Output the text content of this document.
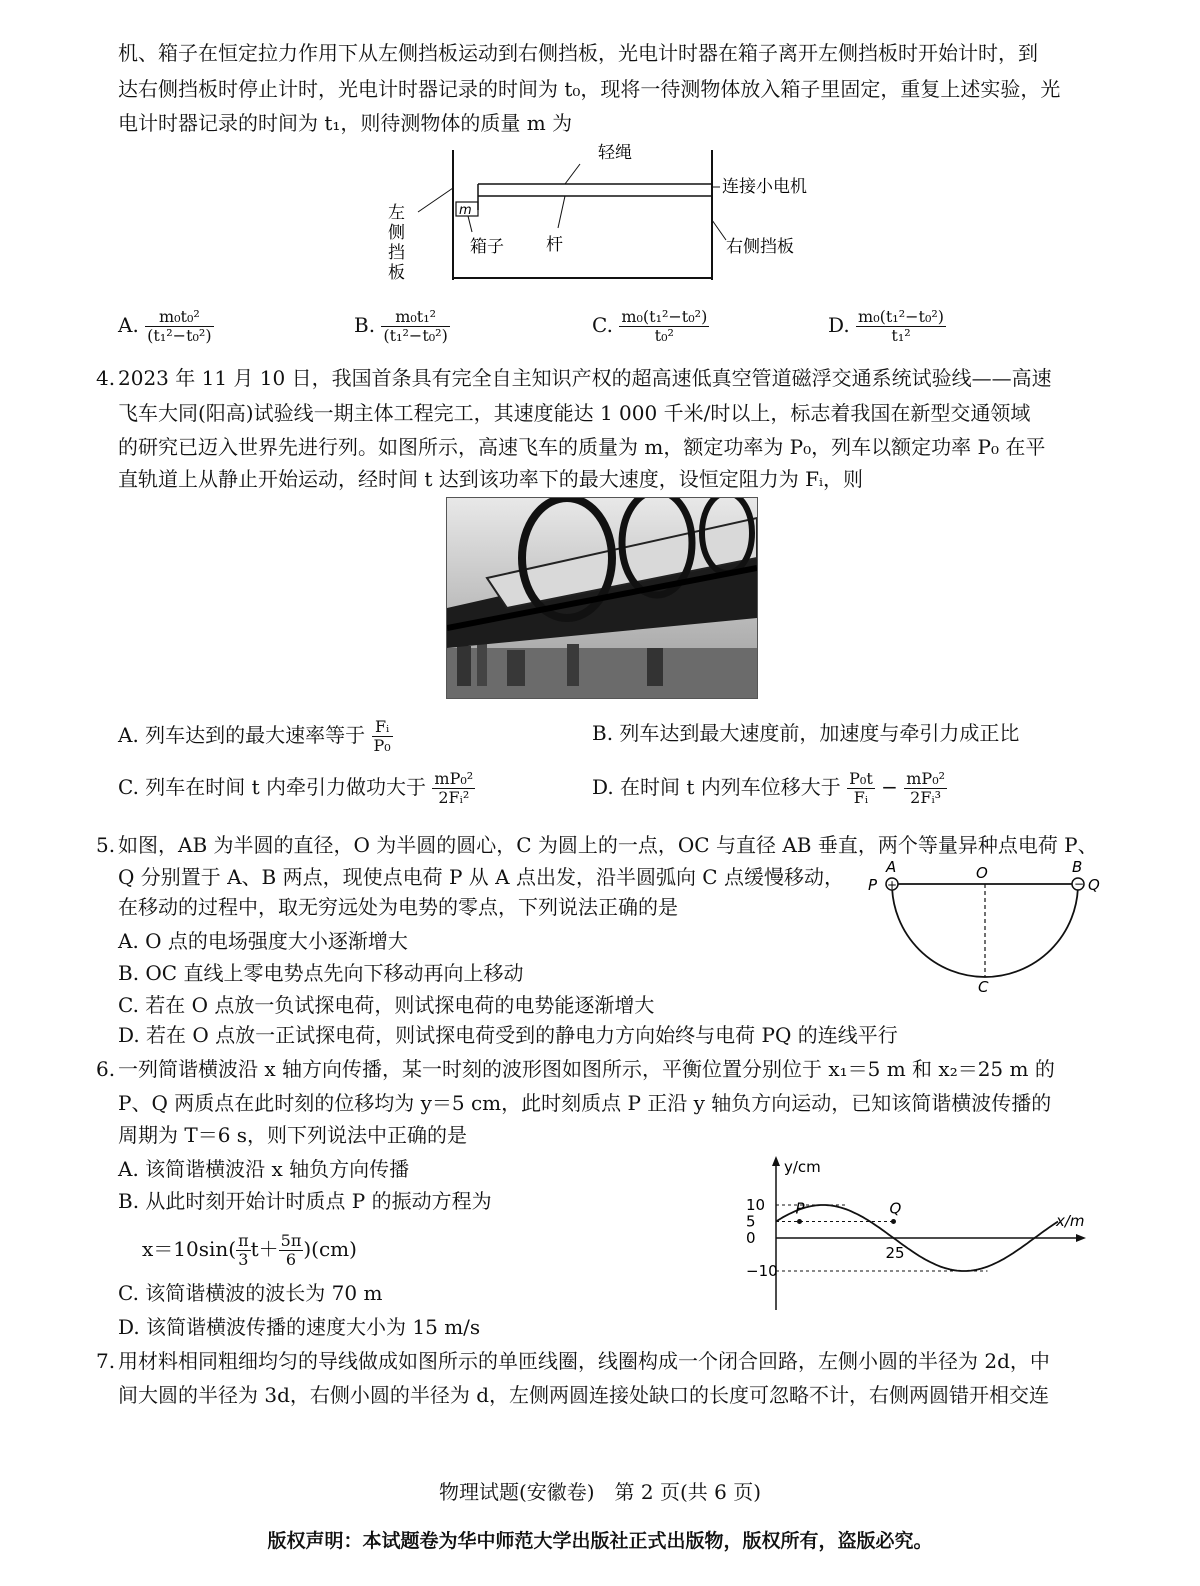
机、箱子在恒定拉力作用下从左侧挡板运动到右侧挡板，光电计时器在箱子离开左侧挡板时开始计时，到
达右侧挡板时停止计时，光电计时器记录的时间为 t₀，现将一待测物体放入箱子里固定，重复上述实验，光
电计时器记录的时间为 t₁，则待测物体的质量 m 为
m
轻绳
连接小电机
左
侧
挡
板
箱子 杆	右侧挡板
A. $\frac{\text{m₀t₀²}}{\text{(t₁²−t₀²)}}$	B. $\frac{\text{m₀t₁²}}{\text{(t₁²−t₀²)}}$	C. $\frac{\text{m₀(t₁²−t₀²)}}{\text{t₀²}}$	D. $\frac{\text{m₀(t₁²−t₀²)}}{\text{t₁²}}$
4. 2023 年 11 月 10 日，我国首条具有完全自主知识产权的超高速低真空管道磁浮交通系统试验线——高速
飞车大同(阳高)试验线一期主体工程完工，其速度能达 1 000 千米/时以上，标志着我国在新型交通领域
的研究已迈入世界先进行列。如图所示，高速飞车的质量为 m，额定功率为 P₀，列车以额定功率 P₀ 在平
直轨道上从静止开始运动，经时间 t 达到该功率下的最大速度，设恒定阻力为 Fᵢ，则
A. 列车达到的最大速率等于 $\frac{\text{Fᵢ}}{\text{P₀}}$	B. 列车达到最大速度前，加速度与牵引力成正比
C. 列车在时间 t 内牵引力做功大于 $\frac{\text{mP₀²}}{\text{2Fᵢ²}}$	D. 在时间 t 内列车位移大于 $\frac{\text{P₀t}}{\text{Fᵢ}} - \frac{\text{mP₀²}}{\text{2Fᵢ³}}$
5. 如图，AB 为半圆的直径，O 为半圆的圆心，C 为圆上的一点，OC 与直径 AB 垂直，两个等量异种点电荷 P、
Q 分别置于 A、B 两点，现使点电荷 P 从 A 点出发，沿半圆弧向 C 点缓慢移动，
在移动的过程中，取无穷远处为电势的零点，下列说法正确的是
A. O 点的电场强度大小逐渐增大
B. OC 直线上零电势点先向下移动再向上移动
C. 若在 O 点放一负试探电荷，则试探电荷的电势能逐渐增大
D. 若在 O 点放一正试探电荷，则试探电荷受到的静电力方向始终与电荷 PQ 的连线平行
+	−
A	B
O
C
P	Q
6. 一列简谐横波沿 x 轴方向传播，某一时刻的波形图如图所示，平衡位置分别位于 x₁＝5 m 和 x₂＝25 m 的
P、Q 两质点在此时刻的位移均为 y＝5 cm，此时刻质点 P 正沿 y 轴负方向运动，已知该简谐横波传播的
周期为 T＝6 s，则下列说法中正确的是
A. 该简谐横波沿 x 轴负方向传播
B. 从此时刻开始计时质点 P 的振动方程为
$x=10\sin( \frac{\pi}{3} t+ \frac{5\pi}{6} )(cm)$
C. 该简谐横波的波长为 70 m
D. 该简谐横波传播的速度大小为 15 m/s
y/cm
x/m
10
5
0
−10
25
P	Q
7. 用材料相同粗细均匀的导线做成如图所示的单匝线圈，线圈构成一个闭合回路，左侧小圆的半径为 2d，中
间大圆的半径为 3d，右侧小圆的半径为 d，左侧两圆连接处缺口的长度可忽略不计，右侧两圆错开相交连
物理试题(安徽卷)　第 2 页(共 6 页)
版权声明：本试题卷为华中师范大学出版社正式出版物，版权所有，盗版必究。
